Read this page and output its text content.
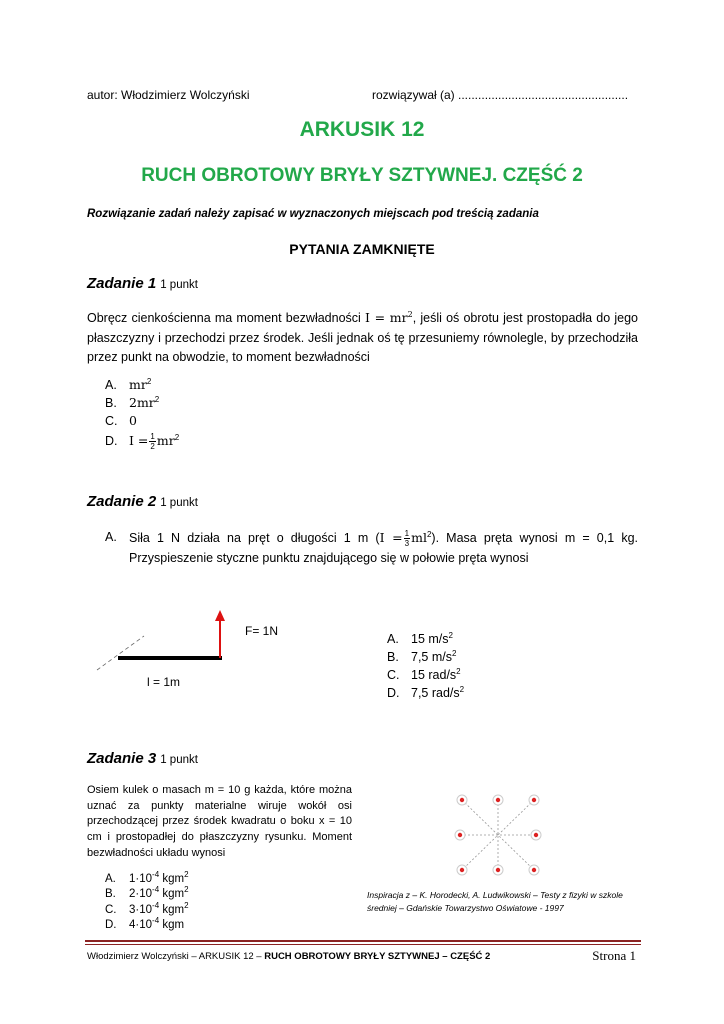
autor: Włodzimierz Wolczyński	rozwiązywał (a) ...................................................
ARKUSIK 12
RUCH OBROTOWY BRYŁY SZTYWNEJ. CZĘŚĆ 2
Rozwiązanie zadań należy zapisać w wyznaczonych miejscach pod treścią zadania
PYTANIA ZAMKNIĘTE
Zadanie 1 1 punkt
Obręcz cienkościenna ma moment bezwładności $I = mr^2$, jeśli oś obrotu jest prostopadła do jego płaszczyzny i przechodzi przez środek. Jeśli jednak oś tę przesuniemy równolegle, by przechodziła przez punkt na obwodzie, to moment bezwładności
A. $mr^2$
B. $2mr^2$
C. 0
D. $I = \frac{1}{2} mr^2$
Zadanie 2 1 punkt
A. Siła 1 N działa na pręt o długości 1 m $(I = \frac{1}{3} ml^2)$. Masa pręta wynosi m = 0,1 kg. Przyspieszenie styczne punktu znajdującego się w połowie pręta wynosi
F= 1N
l = 1m
A. 15 $m/s^2$
B. 7,5 $m/s^2$
C. 15 rad/$s^2$
D. 7,5 rad/$s^2$
Zadanie 3 1 punkt
Osiem kulek o masach m = 10 g każda, które można uznać za punkty materialne wiruje wokół osi przechodzącej przez środek kwadratu o boku x = 10 cm i prostopadłej do płaszczyzny rysunku. Moment bezwładności układu wynosi
A. $1\cdot 10^{-4}$ kgm$^2$
B. $2\cdot 10^{-4}$ kgm$^2$
C. $3\cdot 10^{-4}$ kgm$^2$
D. $4\cdot 10^{-4}$ kgm
Inspiracja z – K. Horodecki, A. Ludwikowski – Testy z fizyki w szkole średniej – Gdańskie Towarzystwo Oświatowe - 1997
Włodzimierz Wolczyński – ARKUSIK 12 – RUCH OBROTOWY BRYŁY SZTYWNEJ – CZĘŚĆ 2	Strona 1
